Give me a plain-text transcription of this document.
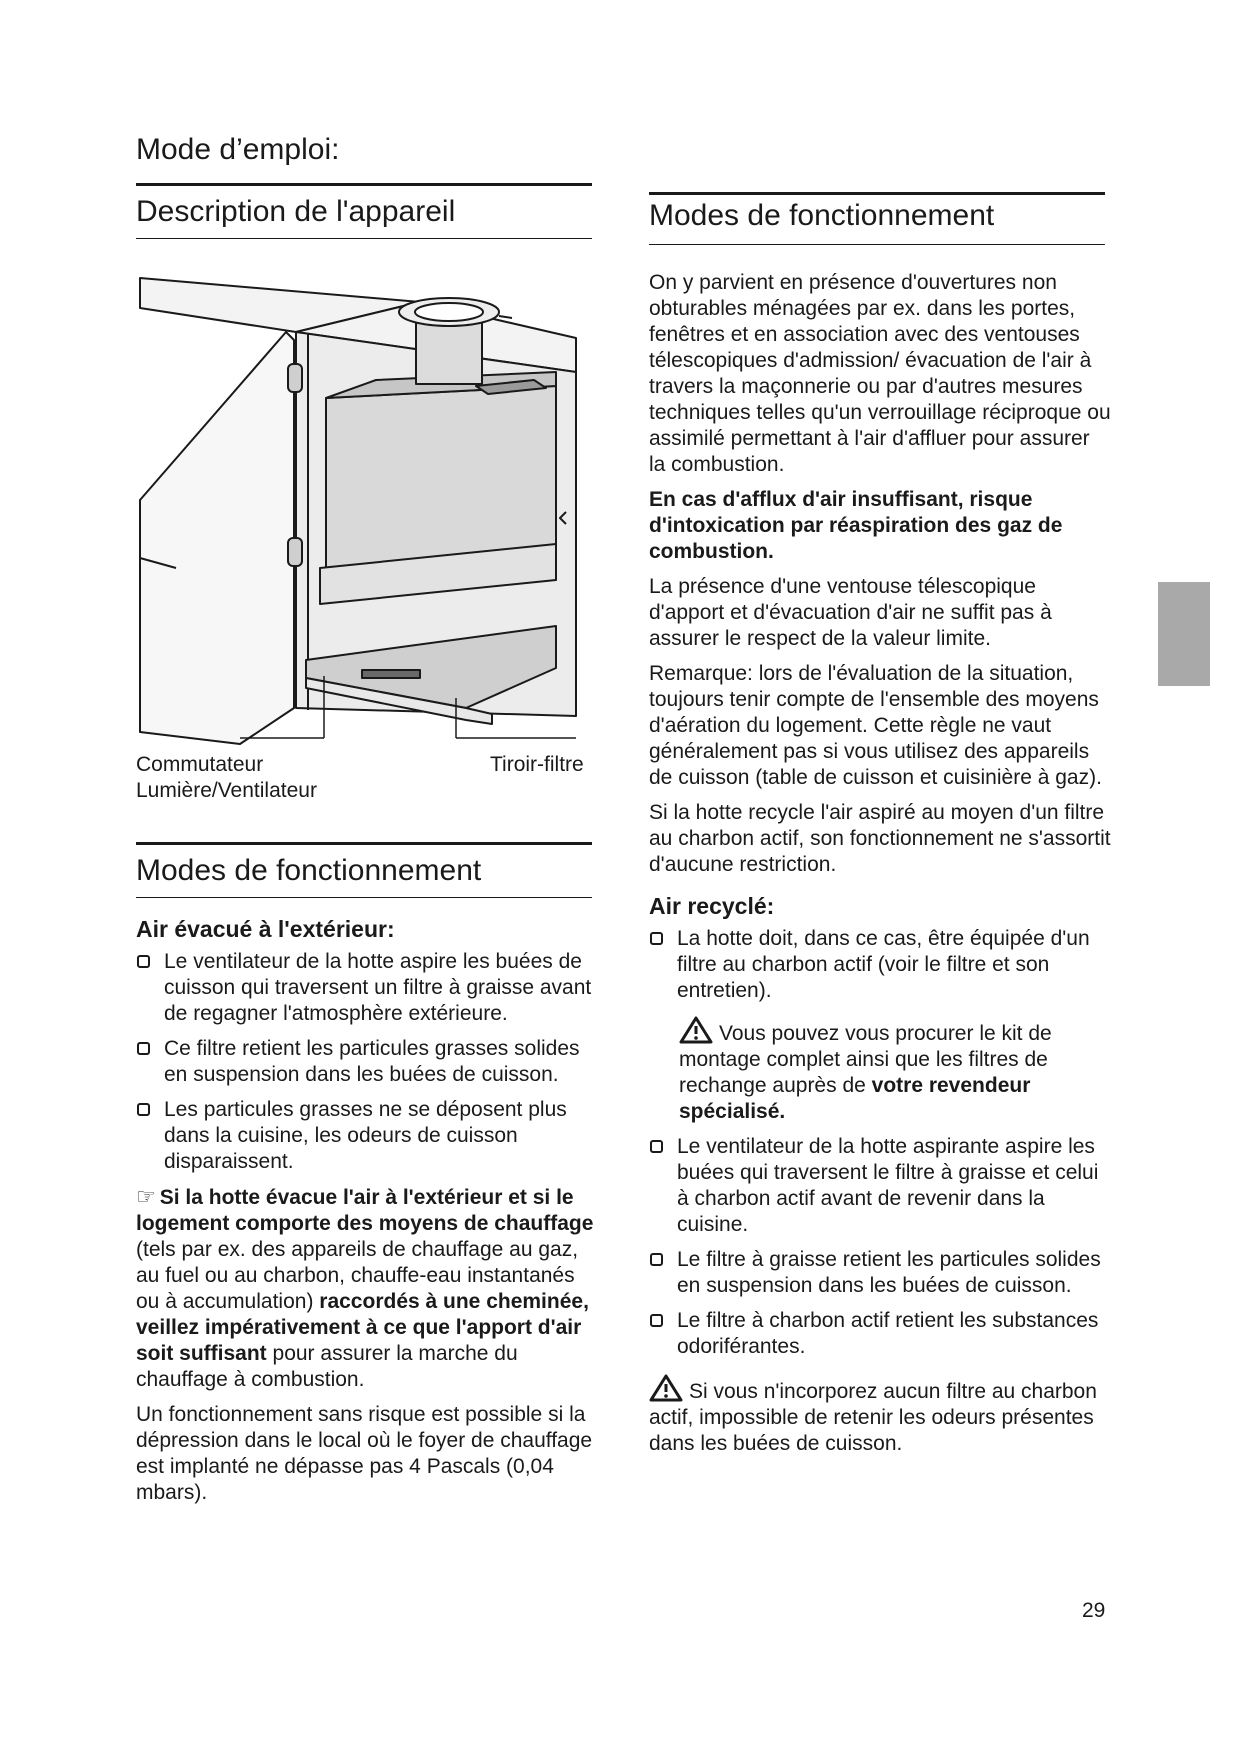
Mode d’emploi:
Description de l'appareil
Commutateur
Lumière/Ventilateur
Tiroir-filtre
Modes de fonctionnement
Air évacué à l'extérieur:
Le ventilateur de la hotte aspire les buées de cuisson qui traversent un filtre à graisse avant de regagner l'atmosphère extérieure.
Ce filtre retient les particules grasses solides en suspension dans les buées de cuisson.
Les particules grasses ne se déposent plus dans la cuisine, les odeurs de cuisson disparaissent.

☞ Si la hotte évacue l'air à l'extérieur et si le logement comporte des moyens de chauffage (tels par ex. des appareils de chauffage au gaz, au fuel ou au charbon, chauffe-eau instantanés ou à accumulation) raccordés à une cheminée, veillez impérativement à ce que l'apport d'air soit suffisant pour assurer la marche du chauffage à combustion.

Un fonctionnement sans risque est possible si la dépression dans le local où le foyer de chauffage est implanté ne dépasse pas 4 Pascals (0,04 mbars).

Modes de fonctionnement

On y parvient en présence d'ouvertures non obturables ménagées par ex. dans les portes, fenêtres et en association avec des ventouses télescopiques d'admission/ évacuation de l'air à travers la maçonnerie ou par d'autres mesures techniques telles qu'un verrouillage réciproque ou assimilé permettant à l'air d'affluer pour assurer la combustion.

En cas d'afflux d'air insuffisant, risque d'intoxication par réaspiration des gaz de combustion.

La présence d'une ventouse télescopique d'apport et d'évacuation d'air ne suffit pas à assurer le respect de la valeur limite.

Remarque: lors de l'évaluation de la situation, toujours tenir compte de l'ensemble des moyens d'aération du logement. Cette règle ne vaut généralement pas si vous utilisez des appareils de cuisson (table de cuisson et cuisinière à gaz).

Si la hotte recycle l'air aspiré au moyen d'un filtre au charbon actif, son fonctionnement ne s'assortit d'aucune restriction.

Air recyclé:
La hotte doit, dans ce cas, être équipée d'un filtre au charbon actif (voir le filtre et son entretien).

Vous pouvez vous procurer le kit de montage complet ainsi que les filtres de rechange auprès de votre revendeur spécialisé.

Le ventilateur de la hotte aspirante aspire les buées qui traversent le filtre à graisse et celui à charbon actif avant de revenir dans la cuisine.
Le filtre à graisse retient les particules solides en suspension dans les buées de cuisson.
Le filtre à charbon actif retient les substances odoriférantes.

Si vous n'incorporez aucun filtre au charbon actif, impossible de retenir les odeurs présentes dans les buées de cuisson.

29
